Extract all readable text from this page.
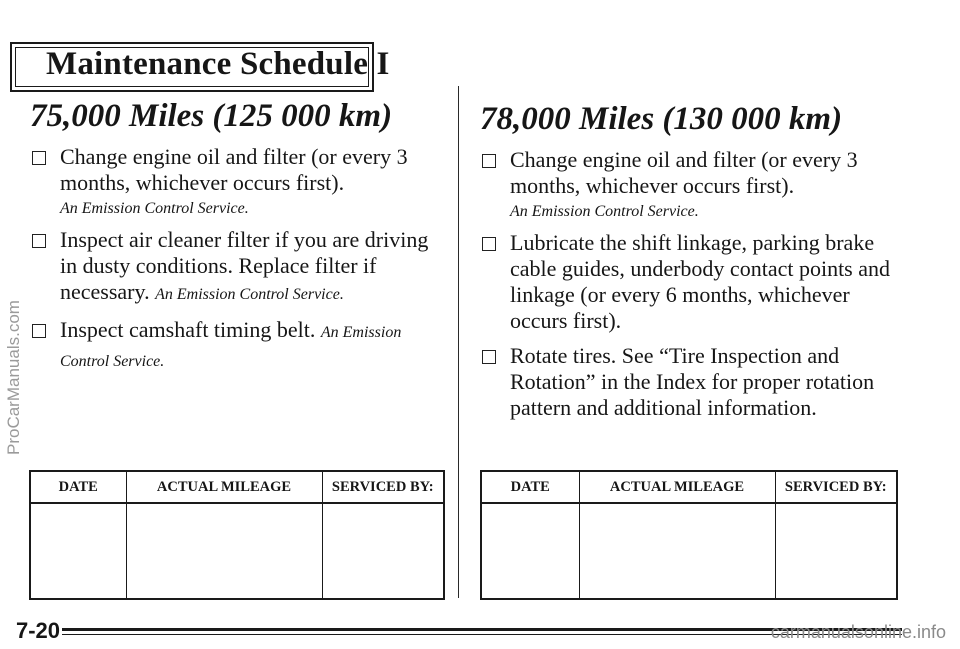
Maintenance Schedule I
75,000 Miles (125 000 km)
Change engine oil and filter (or every 3 months, whichever occurs first).
An Emission Control Service.
Inspect air cleaner filter if you are driving in dusty conditions. Replace filter if necessary. An Emission Control Service.
Inspect camshaft timing belt. An Emission Control Service.
78,000 Miles (130 000 km)
Change engine oil and filter (or every 3 months, whichever occurs first).
An Emission Control Service.
Lubricate the shift linkage, parking brake cable guides, underbody contact points and linkage (or every 6 months, whichever occurs first).
Rotate tires. See “Tire Inspection and Rotation” in the Index for proper rotation pattern and additional information.
DATE	ACTUAL MILEAGE	SERVICED BY:
			DATE	ACTUAL MILEAGE	SERVICED BY:

7-20
ProCarManuals.com
carmanualsonline.info
